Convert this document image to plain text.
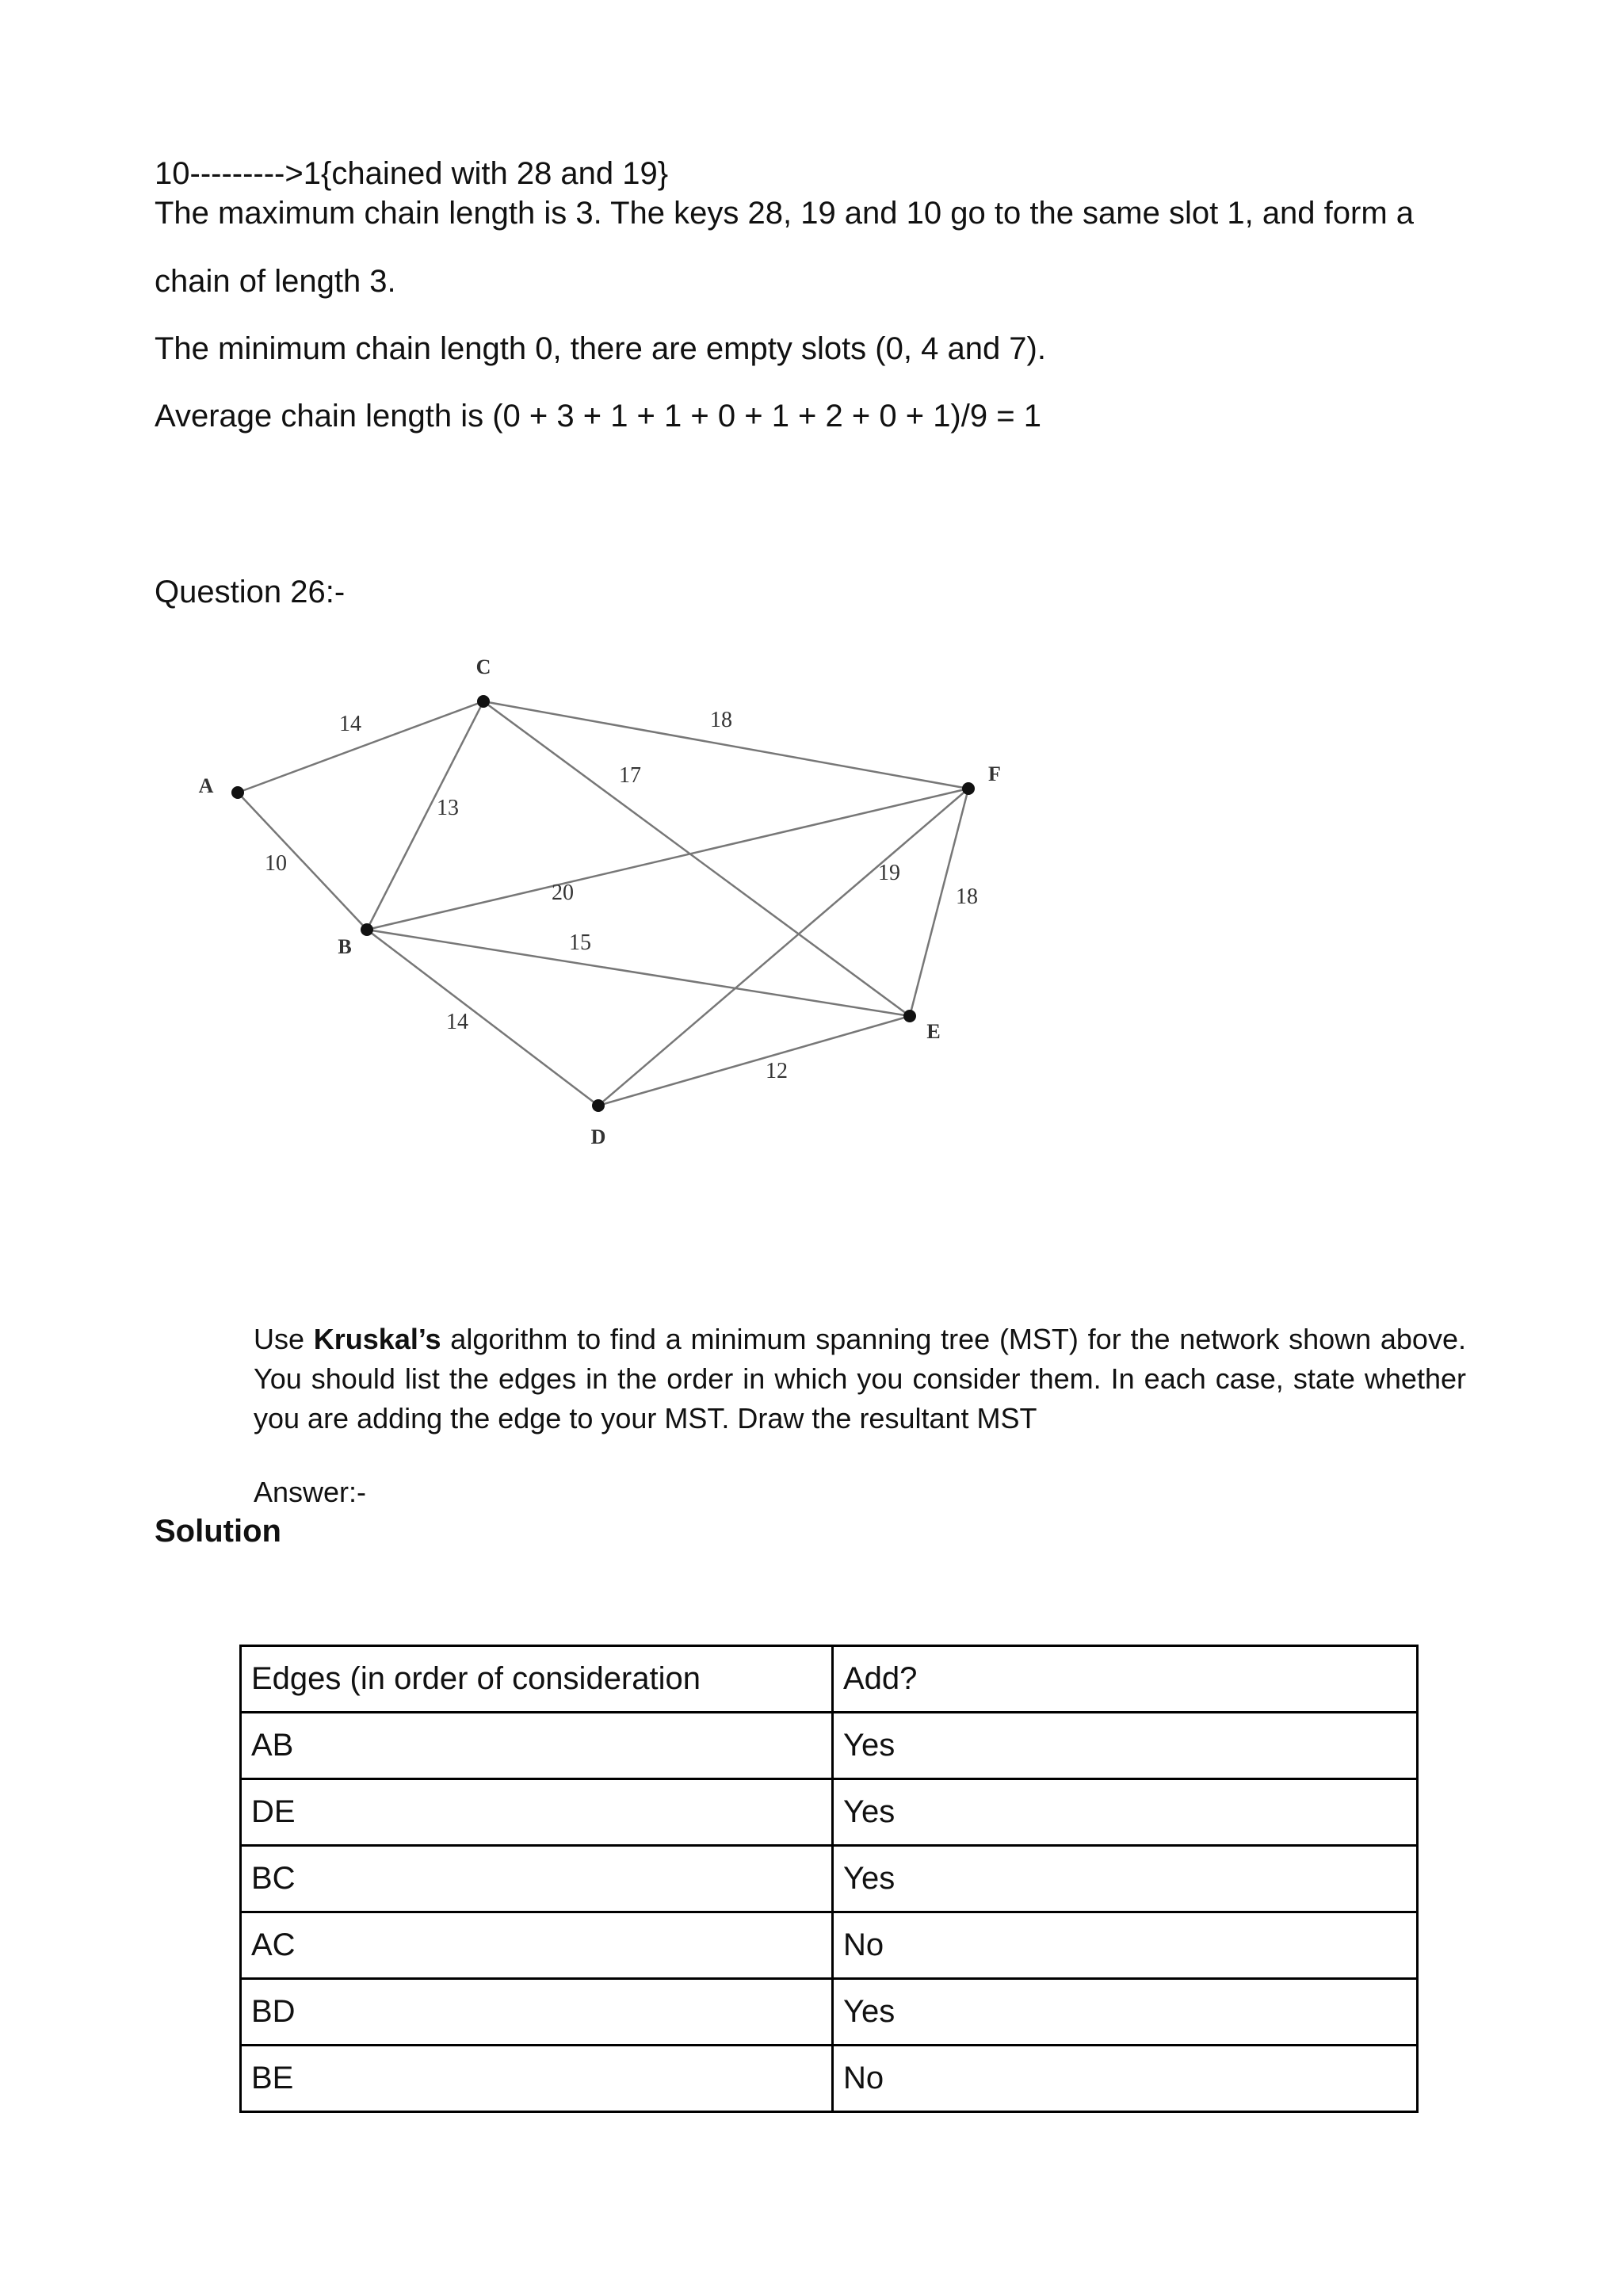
10--------->1{chained with 28 and 19}
The maximum chain length is 3. The keys 28, 19 and 10 go to the same slot 1, and form a
chain of length 3.
The minimum chain length 0, there are empty slots (0, 4 and 7).
Average chain length is (0 + 3 + 1 + 1 + 0 + 1 + 2 + 0 + 1)/9 = 1
Question 26:-
14
10
13
18
17
20
15
14
19
18
12
A
B
C
D
E
F
Use Kruskal’s algorithm to find a minimum spanning tree (MST) for the network shown above. You should list the edges in the order in which you consider them. In each case, state whether you are adding the edge to your MST. Draw the resultant MST
Answer:-
Solution
Edges (in order of consideration	Add?
AB	Yes
DE	Yes
BC	Yes
AC	No
BD	Yes
BE	No
